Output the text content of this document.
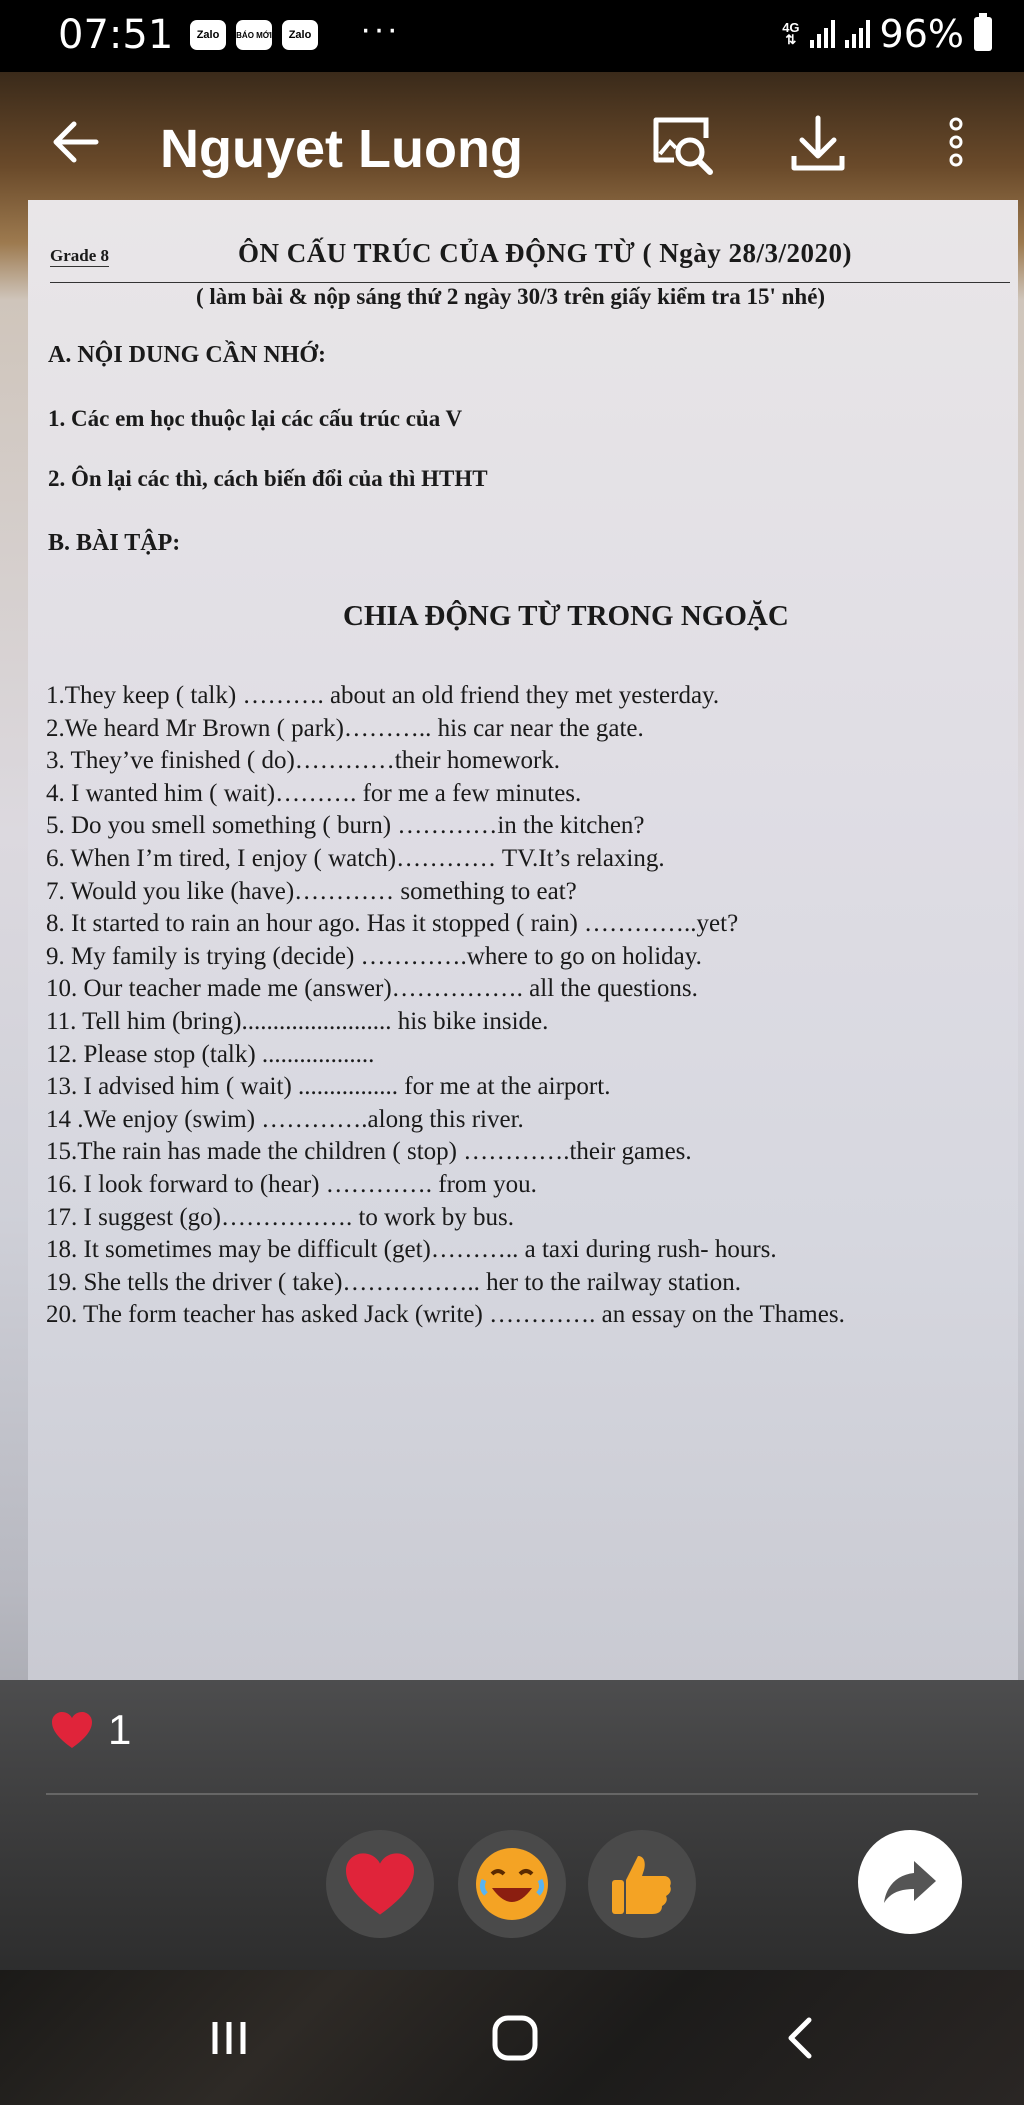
07:51	Zalo	BÁO MỚI	Zalo ···	4G
⇅ 96%
Grade 8	ÔN CẤU TRÚC CỦA ĐỘNG TỪ ( Ngày 28/3/2020)
( làm bài & nộp sáng thứ 2 ngày 30/3 trên giấy kiểm tra 15' nhé)
A. NỘI DUNG CẦN NHỚ:
1. Các em học thuộc lại các cấu trúc của V
2. Ôn lại các thì, cách biến đổi của thì HTHT
B. BÀI TẬP:
CHIA ĐỘNG TỪ TRONG NGOẶC
1.They keep ( talk) ………. about an old friend they met yesterday.
2.We heard Mr Brown ( park)……….. his car near the gate.
3. They’ve finished ( do)…………their homework.
4. I wanted him ( wait)………. for me a few minutes.
5. Do you smell something ( burn) …………in the kitchen?
6. When I’m tired, I enjoy ( watch)………… TV.It’s relaxing.
7. Would you like (have)………… something to eat?
8. It started to rain an hour ago. Has it stopped ( rain) …………..yet?
9. My family is trying (decide) ………….where to go on holiday.
10. Our teacher made me (answer)……………. all the questions.
11. Tell him (bring)........................ his bike inside.
12. Please stop (talk) ..................
13. I advised him ( wait) ................ for me at the airport.
14 .We enjoy (swim) ………….along this river.
15.The rain has made the children ( stop) ………….their games.
16. I look forward to (hear) …………. from you.
17. I suggest (go)……………. to work by bus.
18. It sometimes may be difficult (get)……….. a taxi during rush- hours.
19. She tells the driver ( take)…………….. her to the railway station.
20. The form teacher has asked Jack (write) …………. an essay on the Thames.
Nguyet Luong
1
